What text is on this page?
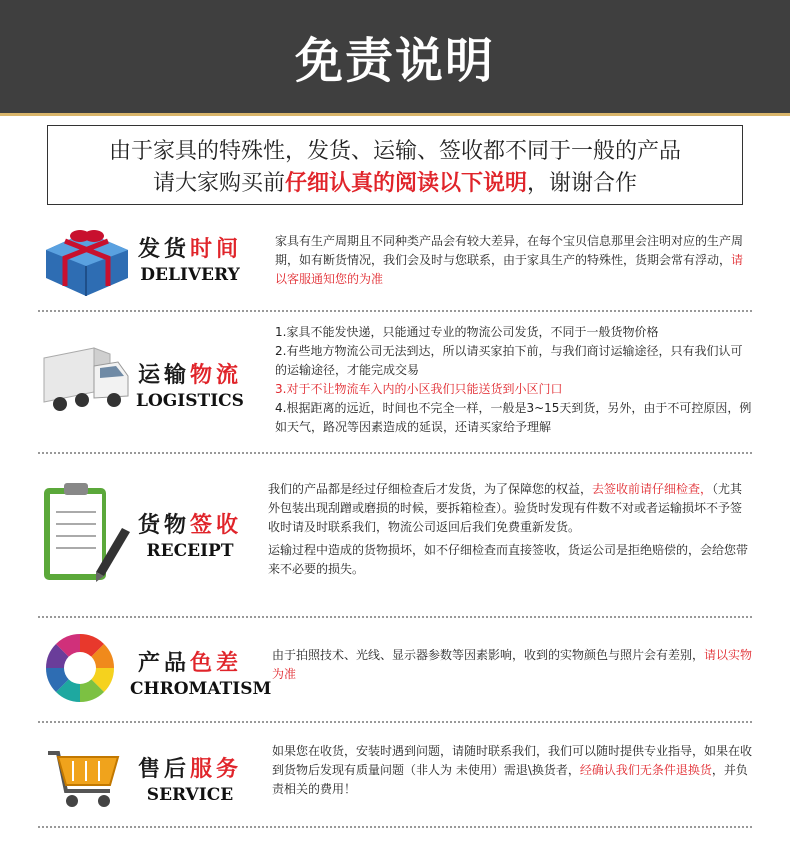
免责说明
由于家具的特殊性，发货、运输、签收都不同于一般的产品
请大家购买前仔细认真的阅读以下说明，谢谢合作
发货时间
DELIVERY
家具有生产周期且不同种类产品会有较大差异，在每个宝贝信息那里会注明对应的生产周期，如有断货情况，我们会及时与您联系，由于家具生产的特殊性，货期会常有浮动，请以客服通知您的为准
运输物流
LOGISTICS
1.家具不能发快递，只能通过专业的物流公司发货，不同于一般货物价格
2.有些地方物流公司无法到达，所以请买家拍下前，与我们商讨运输途径，只有我们认可的运输途径，才能完成交易
3.对于不让物流车入内的小区我们只能送货到小区门口
4.根据距离的远近，时间也不完全一样，一般是3~15天到货，另外，由于不可控原因，例如天气，路况等因素造成的延误，还请买家给予理解
货物签收
RECEIPT
我们的产品都是经过仔细检查后才发货，为了保障您的权益，去签收前请仔细检查，（尤其外包装出现刮蹭或磨损的时候，要拆箱检查）。验货时发现有件数不对或者运输损坏不予签收时请及时联系我们，物流公司返回后我们免费重新发货。
运输过程中造成的货物损坏，如不仔细检查而直接签收，货运公司是拒绝赔偿的，会给您带来不必要的损失。
产品色差
CHROMATISM
由于拍照技术、光线、显示器参数等因素影响，收到的实物颜色与照片会有差别，请以实物为准
售后服务
SERVICE
如果您在收货，安装时遇到问题，请随时联系我们，我们可以随时提供专业指导，如果在收到货物后发现有质量问题（非人为 未使用）需退\换货者，经确认我们无条件退换货，并负责相关的费用！
